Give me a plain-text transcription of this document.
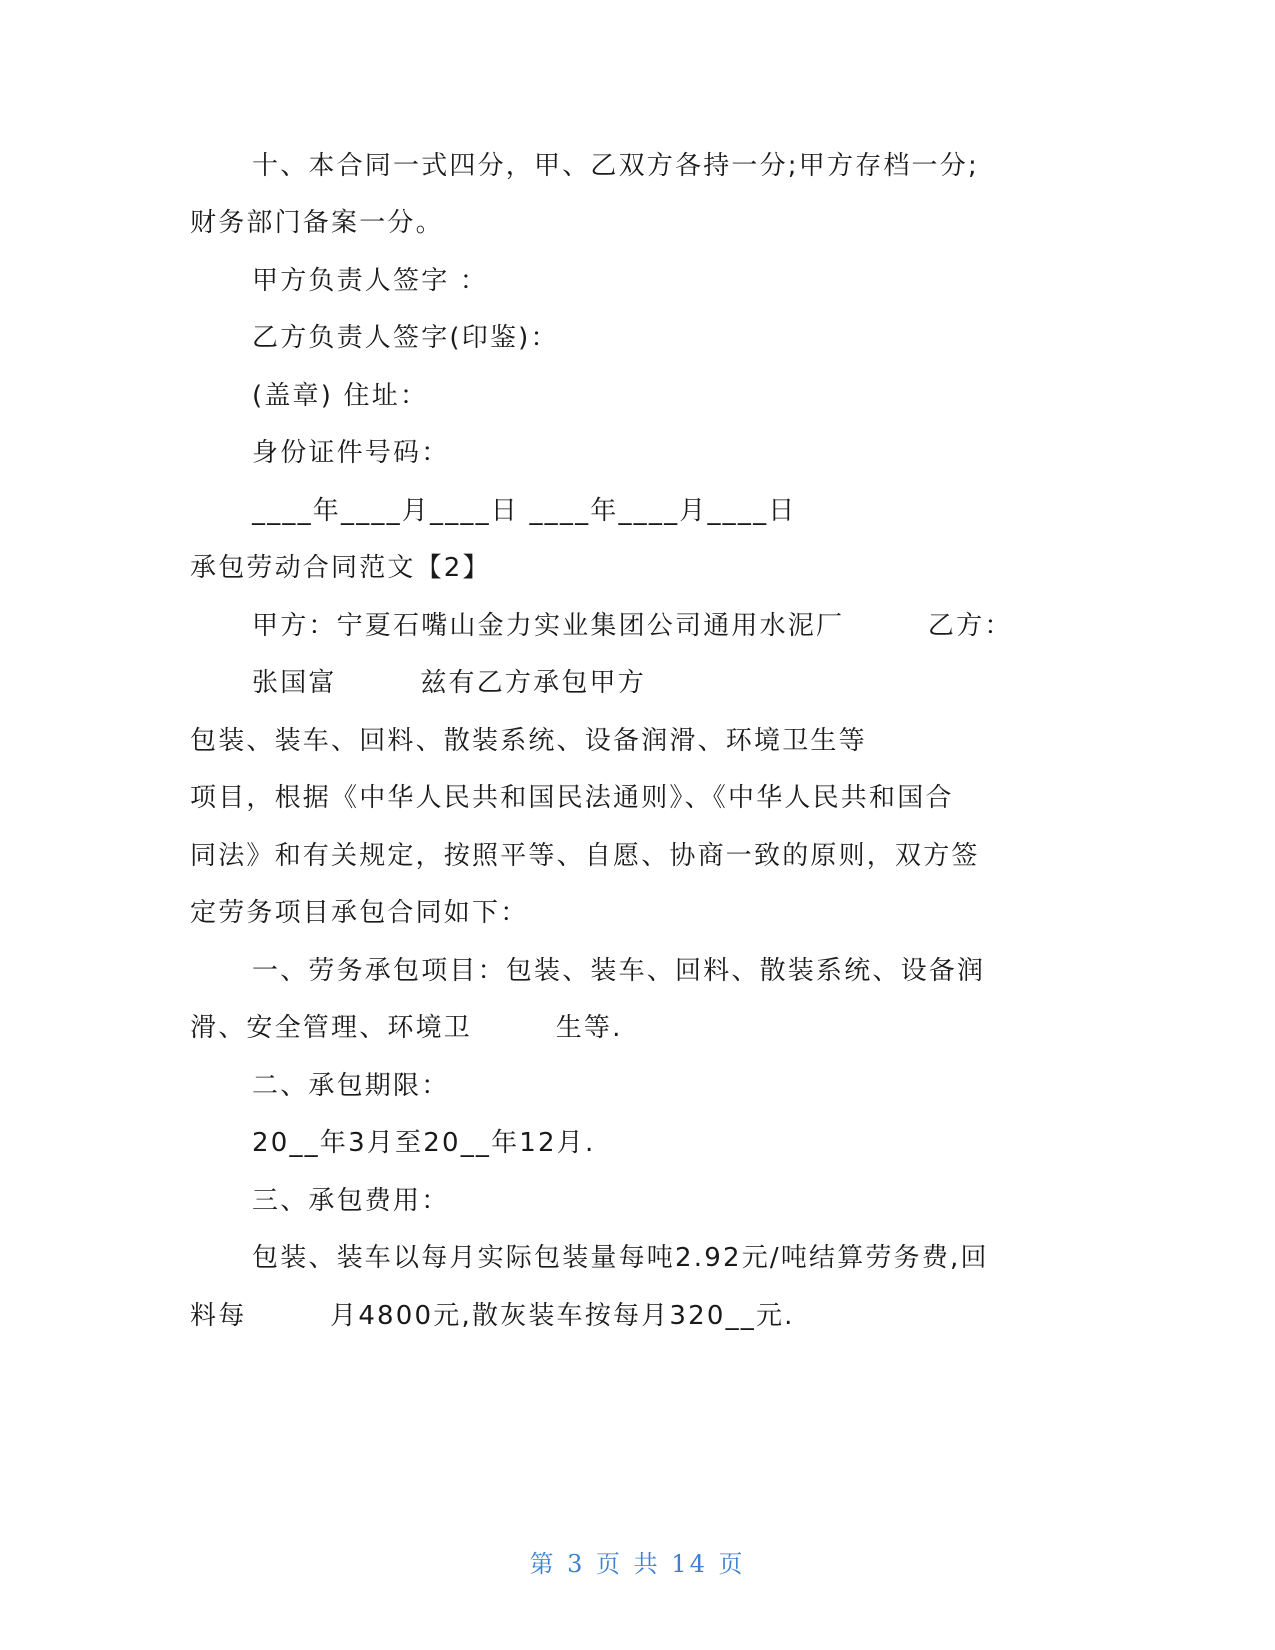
十、本合同一式四分，甲、乙双方各持一分;甲方存档一分;
财务部门备案一分。
甲方负责人签字 ：
乙方负责人签字(印鉴)：
(盖章) 住址：
身份证件号码：
____年____月____日 ____年____月____日
承包劳动合同范文【2】
甲方：宁夏石嘴山金力实业集团公司通用水泥厂        乙方：
张国富        兹有乙方承包甲方
包装、装车、回料、散装系统、设备润滑、环境卫生等
项目，根据《中华人民共和国民法通则》、《中华人民共和国合
同法》和有关规定，按照平等、自愿、协商一致的原则，双方签
定劳务项目承包合同如下：
一、劳务承包项目：包装、装车、回料、散装系统、设备润
滑、安全管理、环境卫        生等.
二、承包期限：
20__年3月至20__年12月.
三、承包费用：
包装、装车以每月实际包装量每吨2.92元/吨结算劳务费,回
料每        月4800元,散灰装车按每月320__元.
第 3 页 共 14 页
